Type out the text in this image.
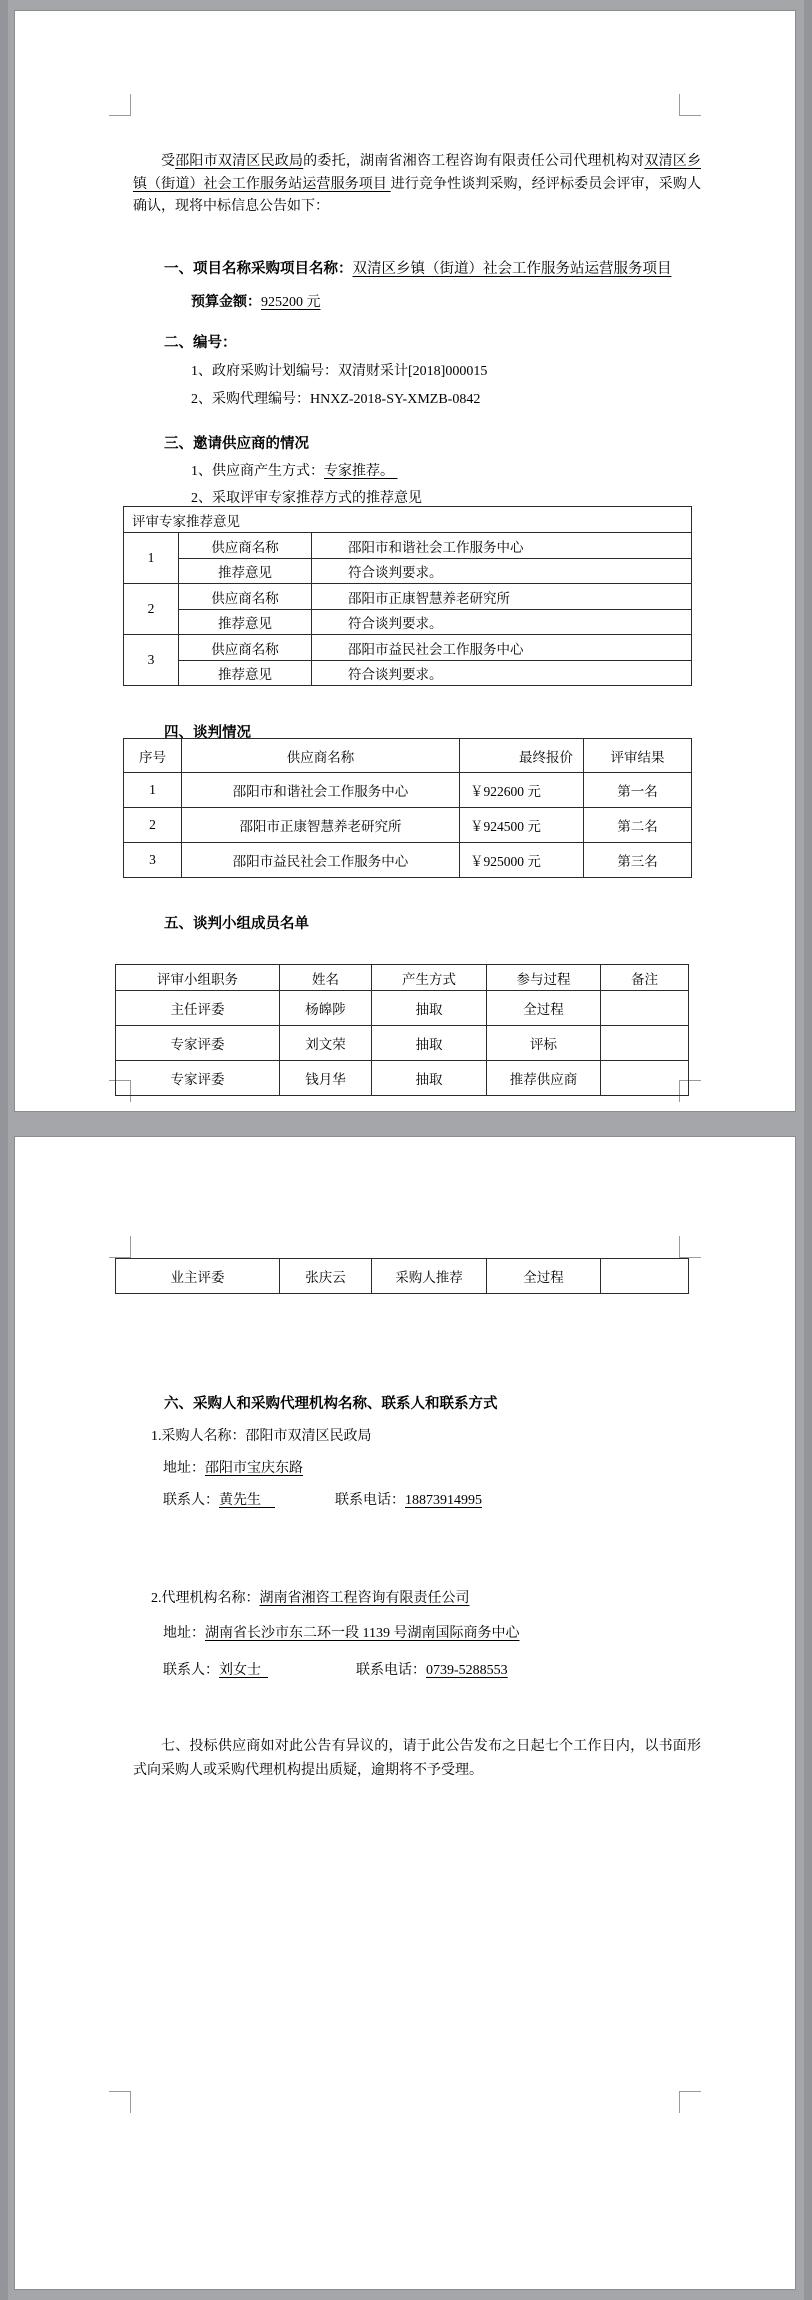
受邵阳市双清区民政局的委托，湖南省湘咨工程咨询有限责任公司代理机构对双清区乡镇（街道）社会工作服务站运营服务项目 进行竞争性谈判采购，经评标委员会评审，采购人确认，现将中标信息公告如下：
一、项目名称采购项目名称：双清区乡镇（街道）社会工作服务站运营服务项目
预算金额：925200 元
二、编号：
1、政府采购计划编号：双清财采计[2018]000015
2、采购代理编号：HNXZ-2018-SY-XMZB-0842
三、邀请供应商的情况
1、供应商产生方式：专家推荐。
2、采取评审专家推荐方式的推荐意见
评审专家推荐意见		
1	供应商名称	邵阳市和谐社会工作服务中心
	推荐意见	符合谈判要求。
2	供应商名称	邵阳市正康智慧养老研究所
	推荐意见	符合谈判要求。
3	供应商名称	邵阳市益民社会工作服务中心
	推荐意见	符合谈判要求。
四、谈判情况
序号	供应商名称	最终报价	评审结果
1	邵阳市和谐社会工作服务中心	￥922600 元	第一名
2	邵阳市正康智慧养老研究所	￥924500 元	第二名
3	邵阳市益民社会工作服务中心	￥925000 元	第三名
五、谈判小组成员名单
评审小组职务	姓名	产生方式	参与过程	备注
主任评委	杨皞陟	抽取	全过程	
专家评委	刘文荣	抽取	评标	
专家评委	钱月华	抽取	推荐供应商	
业主评委	张庆云	采购人推荐	全过程	
六、采购人和采购代理机构名称、联系人和联系方式
1.采购人名称：邵阳市双清区民政局
地址：邵阳市宝庆东路
联系人：黄先生	联系电话：18873914995
2.代理机构名称：湖南省湘咨工程咨询有限责任公司
地址：湖南省长沙市东二环一段 1139 号湖南国际商务中心
联系人：刘女士	联系电话：0739-5288553
七、投标供应商如对此公告有异议的，请于此公告发布之日起七个工作日内，以书面形式向采购人或采购代理机构提出质疑，逾期将不予受理。
